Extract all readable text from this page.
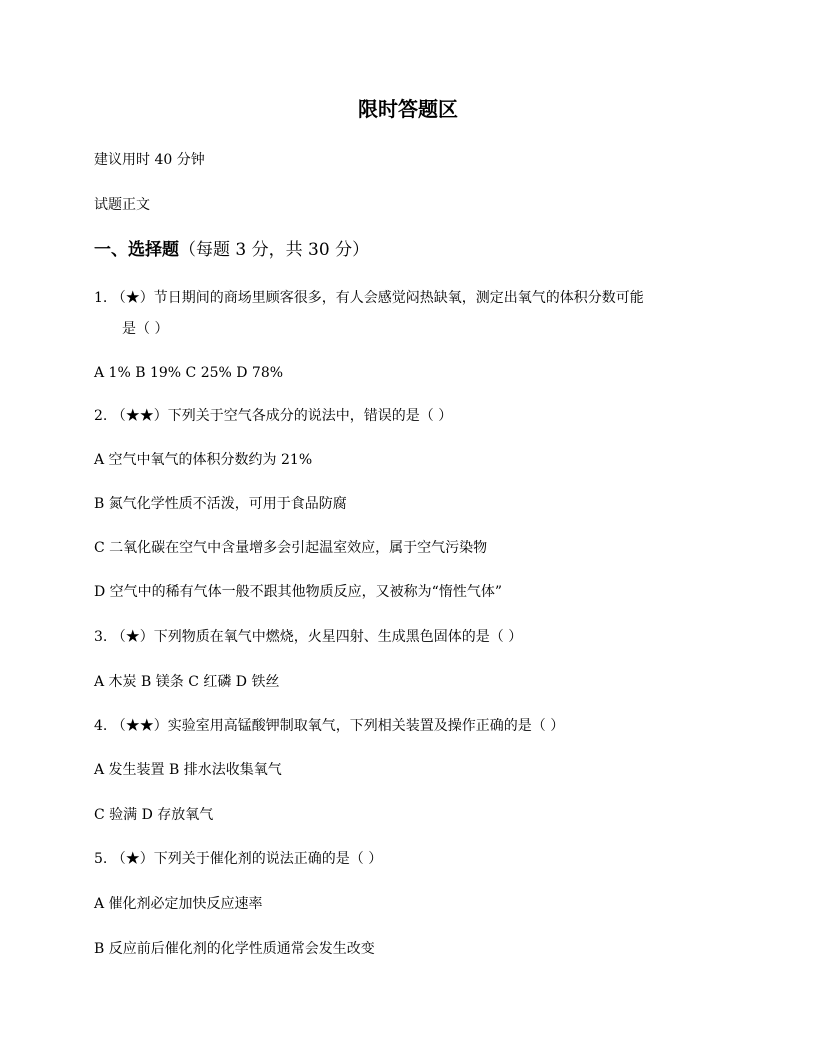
限时答题区
建议用时 40 分钟
试题正文
一、选择题（每题 3 分，共 30 分）
1. （★）节日期间的商场里顾客很多，有人会感觉闷热缺氧，测定出氧气的体积分数可能
是（ ）
A 1% B 19% C 25% D 78%
2. （★★）下列关于空气各成分的说法中，错误的是（ ）
A 空气中氧气的体积分数约为 21%
B 氮气化学性质不活泼，可用于食品防腐
C 二氧化碳在空气中含量增多会引起温室效应，属于空气污染物
D 空气中的稀有气体一般不跟其他物质反应，又被称为“惰性气体”
3. （★）下列物质在氧气中燃烧，火星四射、生成黑色固体的是（ ）
A 木炭 B 镁条 C 红磷 D 铁丝
4. （★★）实验室用高锰酸钾制取氧气，下列相关装置及操作正确的是（ ）
A 发生装置 B 排水法收集氧气
C 验满 D 存放氧气
5. （★）下列关于催化剂的说法正确的是（ ）
A 催化剂必定加快反应速率
B 反应前后催化剂的化学性质通常会发生改变
